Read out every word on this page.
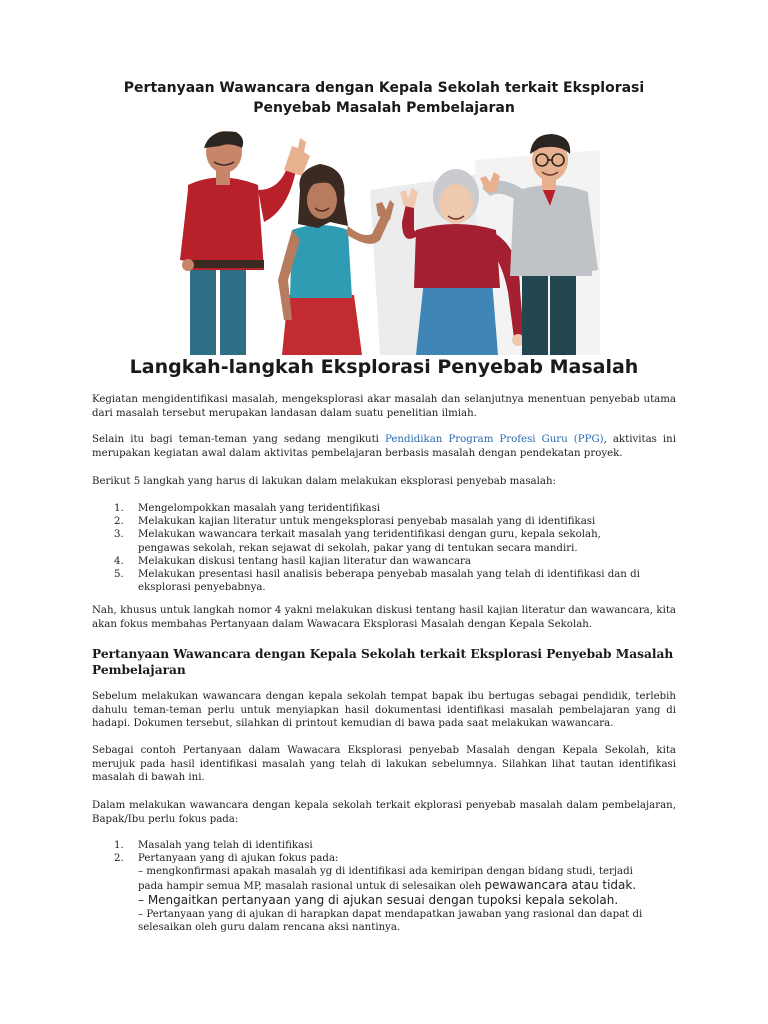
Pertanyaan Wawancara dengan Kepala Sekolah terkait Eksplorasi
Penyebab Masalah Pembelajaran
Langkah-langkah Eksplorasi Penyebab Masalah

Kegiatan mengidentifikasi masalah, mengeksplorasi akar masalah dan selanjutnya menentuan penyebab utama dari masalah tersebut merupakan landasan dalam suatu penelitian ilmiah.

Selain itu bagi teman-teman yang sedang mengikuti Pendidikan Program Profesi Guru (PPG), aktivitas ini merupakan kegiatan awal dalam aktivitas pembelajaran berbasis masalah dengan pendekatan proyek.

Berikut 5 langkah yang harus di lakukan dalam melakukan eksplorasi penyebab masalah:

1. Mengelompokkan masalah yang teridentifikasi
2. Melakukan kajian literatur untuk mengeksplorasi penyebab masalah yang di identifikasi
3. Melakukan wawancara terkait masalah yang teridentifikasi dengan guru, kepala sekolah, pengawas sekolah, rekan sejawat di sekolah, pakar yang di tentukan secara mandiri.
4. Melakukan diskusi tentang hasil kajian literatur dan wawancara
5. Melakukan presentasi hasil analisis beberapa penyebab masalah yang telah di identifikasi dan di eksplorasi penyebabnya.

Nah, khusus untuk langkah nomor 4 yakni melakukan diskusi tentang hasil kajian literatur dan wawancara, kita akan fokus membahas Pertanyaan dalam Wawacara Eksplorasi Masalah dengan Kepala Sekolah.

Pertanyaan Wawancara dengan Kepala Sekolah terkait Eksplorasi Penyebab Masalah Pembelajaran

Sebelum melakukan wawancara dengan kepala sekolah tempat bapak ibu bertugas sebagai pendidik, terlebih dahulu teman-teman perlu untuk menyiapkan hasil dokumentasi identifikasi masalah pembelajaran yang di hadapi. Dokumen tersebut, silahkan di printout kemudian di bawa pada saat melakukan wawancara.

Sebagai contoh Pertanyaan dalam Wawacara Eksplorasi penyebab Masalah dengan Kepala Sekolah, kita merujuk pada hasil identifikasi masalah yang telah di lakukan sebelumnya. Silahkan lihat tautan identifikasi masalah di bawah ini.

Dalam melakukan wawancara dengan kepala sekolah terkait ekplorasi penyebab masalah dalam pembelajaran, Bapak/Ibu perlu fokus pada:

1. Masalah yang telah di identifikasi
2. Pertanyaan yang di ajukan fokus pada:
– mengkonfirmasi apakah masalah yg di identifikasi ada kemiripan dengan bidang studi, terjadi pada hampir semua MP, masalah rasional untuk di selesaikan oleh pewawancara atau tidak.
– Mengaitkan pertanyaan yang di ajukan sesuai dengan tupoksi kepala sekolah.
– Pertanyaan yang di ajukan di harapkan dapat mendapatkan jawaban yang rasional dan dapat di selesaikan oleh guru dalam rencana aksi nantinya.
